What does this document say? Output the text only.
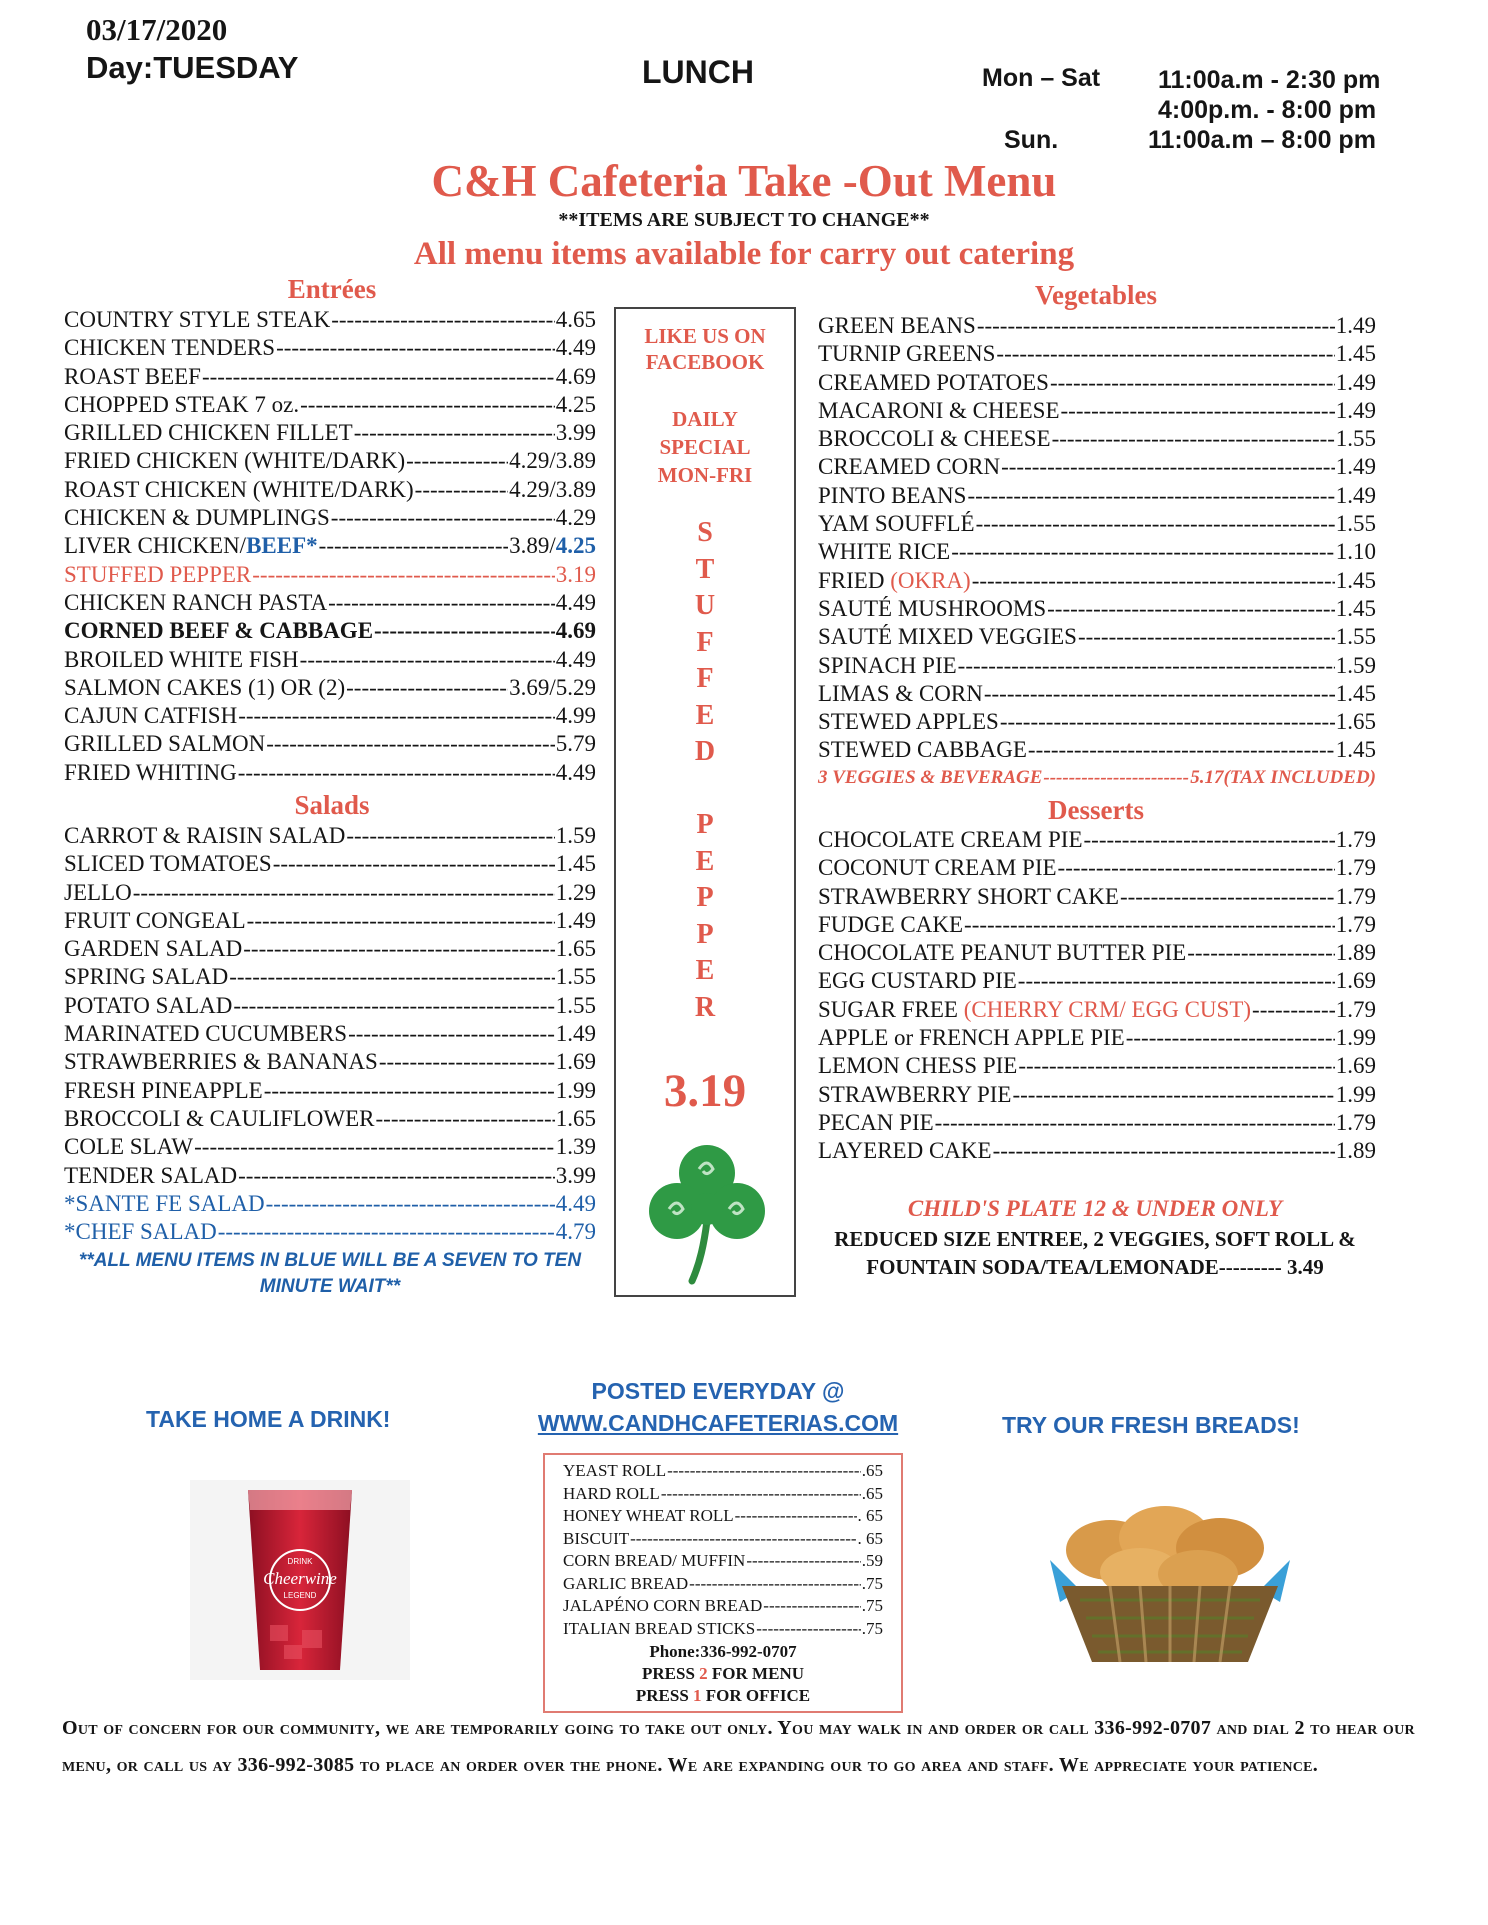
03/17/2020
Day:TUESDAY	LUNCH	Mon – Sat 11:00a.m - 2:30 pm
4:00p.m. - 8:00 pm
Sun.	11:00a.m – 8:00 pm
C&H Cafeteria Take -Out Menu
**ITEMS ARE SUBJECT TO CHANGE**
All menu items available for carry out catering
Entrées
COUNTRY STYLE STEAK -----	4.65
CHICKEN TENDERS -----	4.49
ROAST BEEF -----	4.69
CHOPPED STEAK 7 oz. -----	4.25
GRILLED CHICKEN FILLET -----	3.99
FRIED CHICKEN (WHITE/DARK) -----	4.29/3.89
ROAST CHICKEN (WHITE/DARK) -----	4.29/3.89
CHICKEN & DUMPLINGS -----	4.29
LIVER CHICKEN/BEEF* -----	3.89/4.25
STUFFED PEPPER -----	3.19
CHICKEN RANCH PASTA -----	4.49
CORNED BEEF & CABBAGE -----	4.69
BROILED WHITE FISH -----	4.49
SALMON CAKES (1) OR (2) -----	3.69/5.29
CAJUN CATFISH -----	4.99
GRILLED SALMON -----	5.79
FRIED WHITING -----	4.49
Salads
CARROT & RAISIN SALAD -----	1.59
SLICED TOMATOES -----	1.45
JELLO -----	1.29
FRUIT CONGEAL -----	1.49
GARDEN SALAD -----	1.65
SPRING SALAD -----	1.55
POTATO SALAD -----	1.55
MARINATED CUCUMBERS -----	1.49
STRAWBERRIES & BANANAS -----	1.69
FRESH PINEAPPLE -----	1.99
BROCCOLI & CAULIFLOWER -----	1.65
COLE SLAW -----	1.39
TENDER SALAD -----	3.99
*SANTE FE SALAD -----	4.49
*CHEF SALAD -----	4.79
**ALL MENU ITEMS IN BLUE WILL BE A SEVEN TO TEN MINUTE WAIT**
LIKE US ON FACEBOOK
DAILY SPECIAL MON-FRI
S
T
U
F
F
E
D
P
E
P
P
E
R
3.19
Vegetables
GREEN BEANS -----	1.49
TURNIP GREENS -----	1.45
CREAMED POTATOES -----	1.49
MACARONI & CHEESE -----	1.49
BROCCOLI & CHEESE -----	1.55
CREAMED CORN -----	1.49
PINTO BEANS -----	1.49
YAM SOUFFLÉ -----	1.55
WHITE RICE -----	1.10
FRIED (OKRA) -----	1.45
SAUTÉ MUSHROOMS -----	1.45
SAUTÉ MIXED VEGGIES -----	1.55
SPINACH PIE -----	1.59
LIMAS & CORN -----	1.45
STEWED APPLES -----	1.65
STEWED CABBAGE -----	1.45
3 VEGGIES & BEVERAGE -----	5.17(TAX INCLUDED)
Desserts
CHOCOLATE CREAM PIE -----	1.79
COCONUT CREAM PIE -----	1.79
STRAWBERRY SHORT CAKE -----	1.79
FUDGE CAKE -----	1.79
CHOCOLATE PEANUT BUTTER PIE -----	1.89
EGG CUSTARD PIE -----	1.69
SUGAR FREE (CHERRY CRM/ EGG CUST) -----	1.79
APPLE or FRENCH APPLE PIE -----	1.99
LEMON CHESS PIE -----	1.69
STRAWBERRY PIE -----	1.99
PECAN PIE -----	1.79
LAYERED CAKE -----	1.89
CHILD'S PLATE 12 & UNDER ONLY
REDUCED SIZE ENTREE, 2 VEGGIES, SOFT ROLL &
FOUNTAIN SODA/TEA/LEMONADE--------- 3.49
TAKE HOME A DRINK!
POSTED EVERYDAY @
WWW.CANDHCAFETERIAS.COM	TRY OUR FRESH BREADS!
DRINK
Cheerwine
LEGEND
YEAST ROLL -----	.65
HARD ROLL -----	.65
HONEY WHEAT ROLL -----	. 65
BISCUIT -----	. 65
CORN BREAD/ MUFFIN -----	.59
GARLIC BREAD -----	.75
JALAPÉNO CORN BREAD -----	.75
ITALIAN BREAD STICKS -----	.75
Phone:336-992-0707
PRESS 2 FOR MENU
PRESS 1 FOR OFFICE
Out of concern for our community, we are temporarily going to take out only. You may walk in and order or call 336-992-0707 and dial 2 to hear our menu, or call us ay 336-992-3085 to place an order over the phone. We are expanding our to go area and staff. We appreciate your patience.
